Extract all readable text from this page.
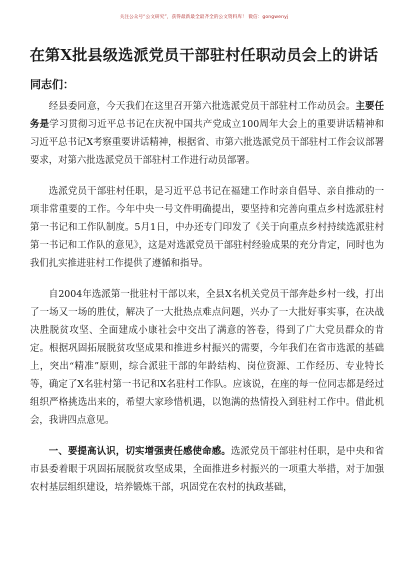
关注公众号“公文研究”，获得最新最全最齐全的公文资料库！ 微信：gongwenyj
在第X批县级选派党员干部驻村任职动员会上的讲话
同志们：

经县委同意，今天我们在这里召开第六批选派党员干部驻村工作动员会。主要任务是学习贯彻习近平总书记在庆祝中国共产党成立100周年大会上的重要讲话精神和习近平总书记X考察重要讲话精神，根据省、市第六批选派党员干部驻村工作会议部署要求，对第六批选派党员干部驻村工作进行动员部署。

选派党员干部驻村任职，是习近平总书记在福建工作时亲自倡导、亲自推动的一项非常重要的工作。今年中央一号文件明确提出，要坚持和完善向重点乡村选派驻村第一书记和工作队制度。5月1日，中办还专门印发了《关于向重点乡村持续选派驻村第一书记和工作队的意见》，这是对选派党员干部驻村经验成果的充分肯定，同时也为我们扎实推进驻村工作提供了遵循和指导。

自2004年选派第一批驻村干部以来，全县X名机关党员干部奔赴乡村一线，打出了一场又一场的胜仗，解决了一大批热点难点问题，兴办了一大批好事实事，在决战决胜脱贫攻坚、全面建成小康社会中交出了满意的答卷，得到了广大党员群众的肯定。根据巩固拓展脱贫攻坚成果和推进乡村振兴的需要，今年我们在省市选派的基础上，突出“精准”原则，综合派驻干部的年龄结构、岗位资源、工作经历、专业特长等，确定了X名驻村第一书记和X名驻村工作队。应该说，在座的每一位同志都是经过组织严格挑选出来的，希望大家珍惜机遇，以饱满的热情投入到驻村工作中。借此机会，我讲四点意见。

一、要提高认识，切实增强责任感使命感。选派党员干部驻村任职，是中央和省市县委着眼于巩固拓展脱贫攻坚成果，全面推进乡村振兴的一项重大举措，对于加强农村基层组织建设，培养锻炼干部，巩固党在农村的执政基础，
